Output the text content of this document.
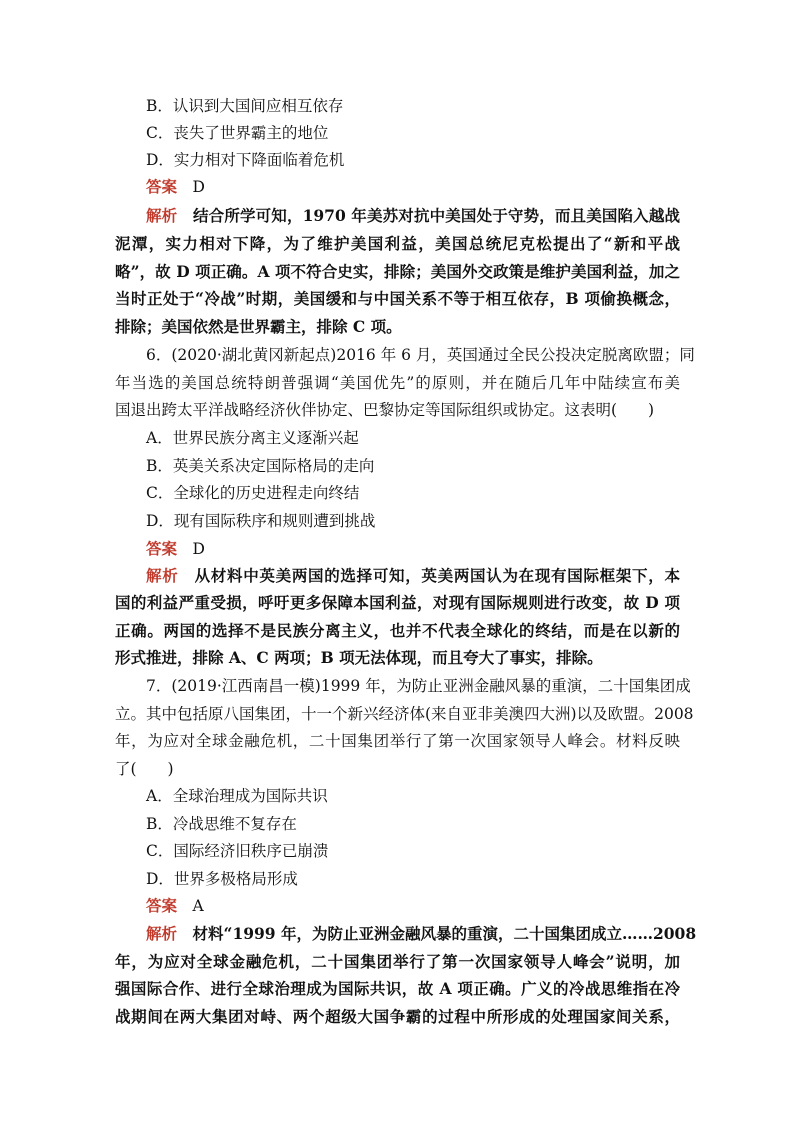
B．认识到大国间应相互依存
C．丧失了世界霸主的地位
D．实力相对下降面临着危机
答案　 D
解析　 结合所学可知，1970 年美苏对抗中美国处于守势，而且美国陷入越战
泥潭，实力相对下降，为了维护美国利益，美国总统尼克松提出了“新和平战
略”，故 D 项正确。A 项不符合史实，排除；美国外交政策是维护美国利益，加之
当时正处于“冷战”时期，美国缓和与中国关系不等于相互依存，B 项偷换概念，
排除；美国依然是世界霸主，排除 C 项。
6．(2020·湖北黄冈新起点)2016 年 6 月，英国通过全民公投决定脱离欧盟；同
年当选的美国总统特朗普强调“美国优先”的原则，并在随后几年中陆续宣布美
国退出跨太平洋战略经济伙伴协定、巴黎协定等国际组织或协定。这表明(　　)
A．世界民族分离主义逐渐兴起
B．英美关系决定国际格局的走向
C．全球化的历史进程走向终结
D．现有国际秩序和规则遭到挑战
答案　 D
解析　 从材料中英美两国的选择可知，英美两国认为在现有国际框架下，本
国的利益严重受损，呼吁更多保障本国利益，对现有国际规则进行改变，故 D 项
正确。两国的选择不是民族分离主义，也并不代表全球化的终结，而是在以新的
形式推进，排除 A、C 两项；B 项无法体现，而且夸大了事实，排除。
7．(2019·江西南昌一模)1999 年，为防止亚洲金融风暴的重演，二十国集团成
立。其中包括原八国集团，十一个新兴经济体(来自亚非美澳四大洲)以及欧盟。2008
年，为应对全球金融危机，二十国集团举行了第一次国家领导人峰会。材料反映
了(　　)
A．全球治理成为国际共识
B．冷战思维不复存在
C．国际经济旧秩序已崩溃
D．世界多极格局形成
答案　 A
解析　 材料“1999 年，为防止亚洲金融风暴的重演，二十国集团成立……2008
年，为应对全球金融危机，二十国集团举行了第一次国家领导人峰会”说明，加
强国际合作、进行全球治理成为国际共识，故 A 项正确。广义的冷战思维指在冷
战期间在两大集团对峙、两个超级大国争霸的过程中所形成的处理国家间关系，
